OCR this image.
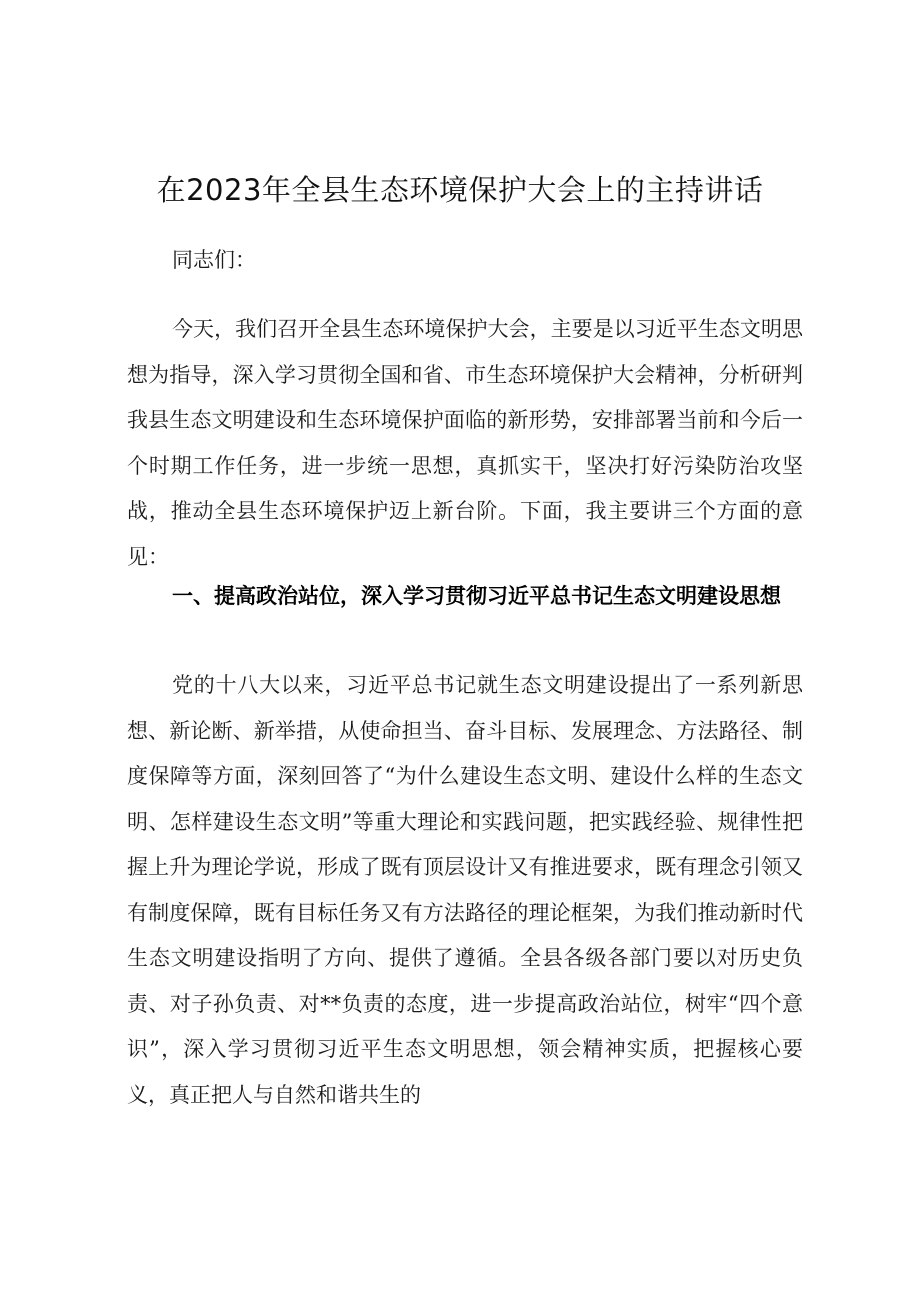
在2023年全县生态环境保护大会上的主持讲话

同志们：

今天，我们召开全县生态环境保护大会，主要是以习近平生态文明思想为指导，深入学习贯彻全国和省、市生态环境保护大会精神，分析研判我县生态文明建设和生态环境保护面临的新形势，安排部署当前和今后一个时期工作任务，进一步统一思想，真抓实干，坚决打好污染防治攻坚战，推动全县生态环境保护迈上新台阶。下面，我主要讲三个方面的意见：

一、提高政治站位，深入学习贯彻习近平总书记生态文明建设思想

党的十八大以来，习近平总书记就生态文明建设提出了一系列新思想、新论断、新举措，从使命担当、奋斗目标、发展理念、方法路径、制度保障等方面，深刻回答了“为什么建设生态文明、建设什么样的生态文明、怎样建设生态文明”等重大理论和实践问题，把实践经验、规律性把握上升为理论学说，形成了既有顶层设计又有推进要求，既有理念引领又有制度保障，既有目标任务又有方法路径的理论框架，为我们推动新时代生态文明建设指明了方向、提供了遵循。全县各级各部门要以对历史负责、对子孙负责、对**负责的态度，进一步提高政治站位，树牢“四个意识”，深入学习贯彻习近平生态文明思想，领会精神实质，把握核心要义，真正把人与自然和谐共生的
